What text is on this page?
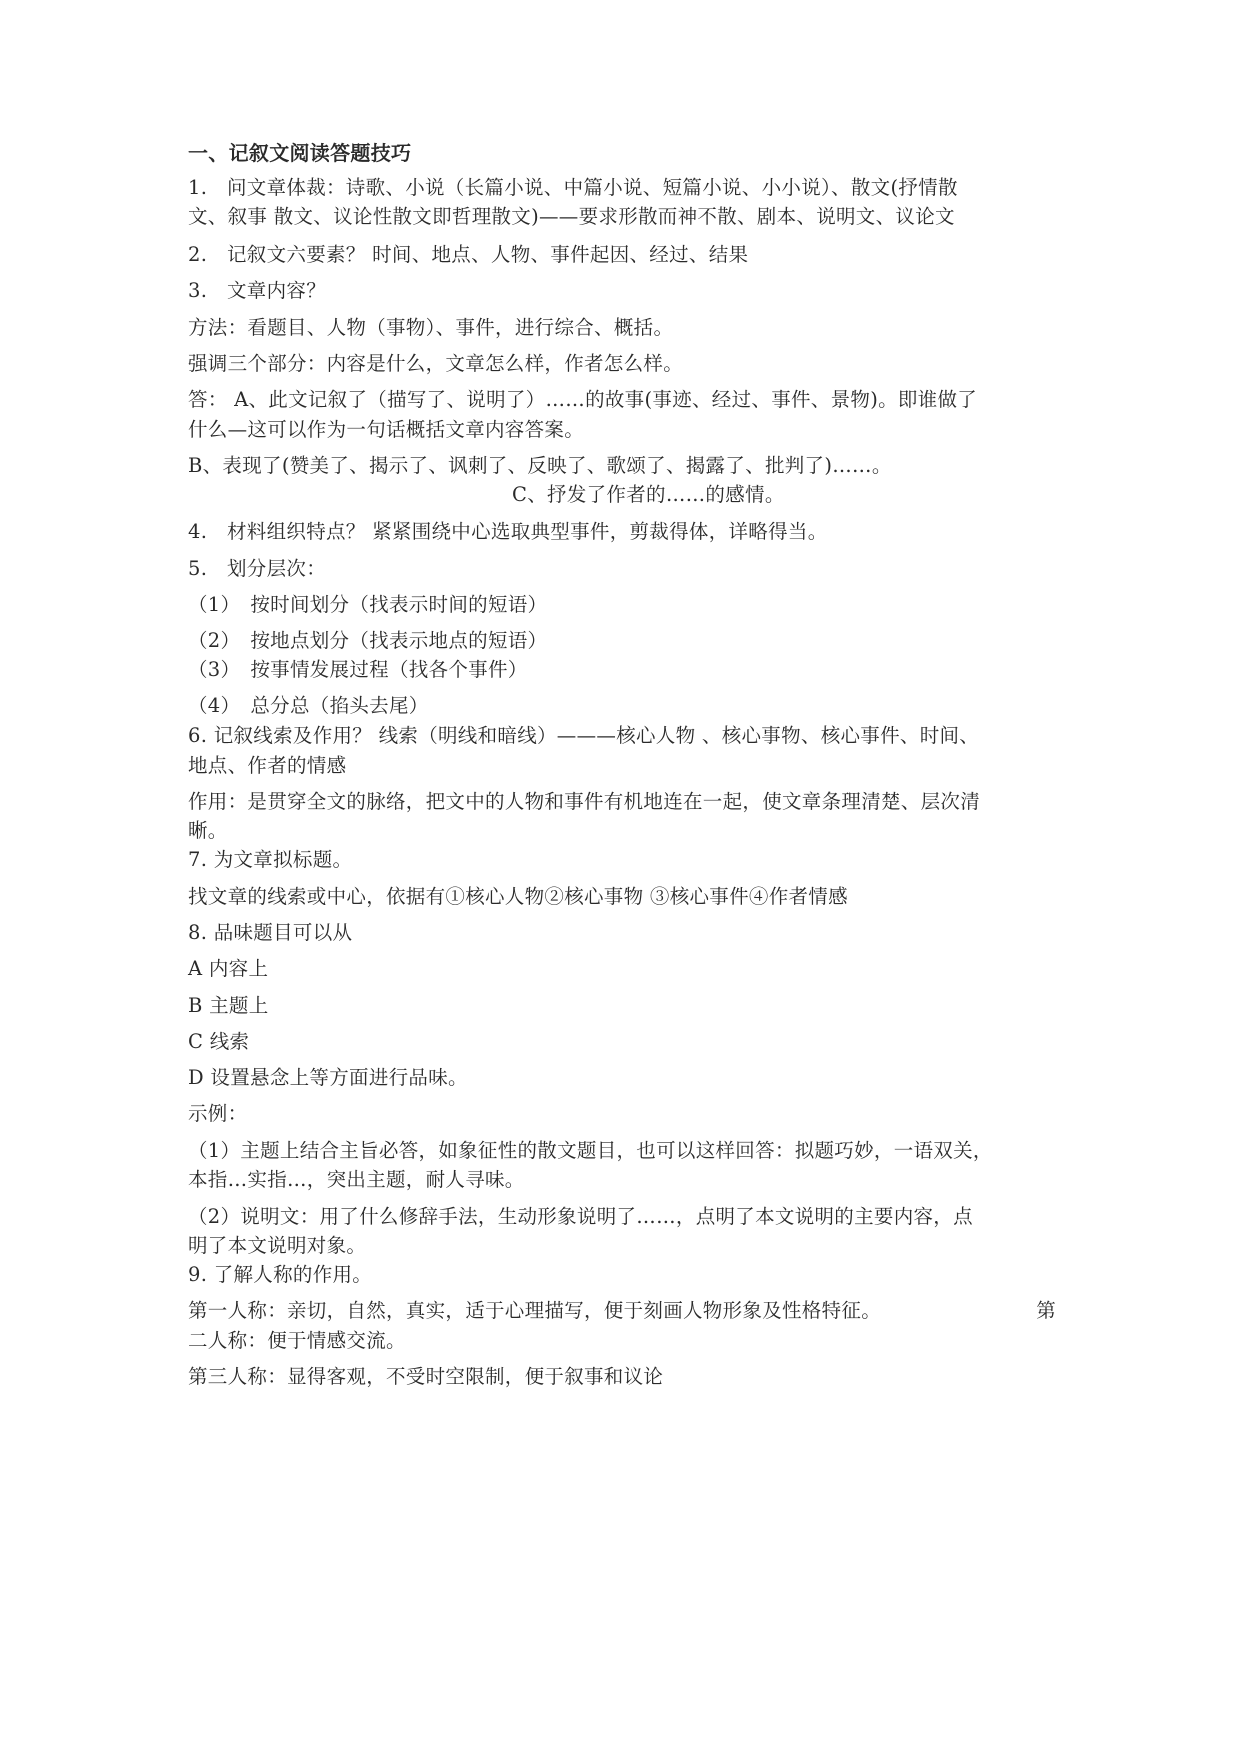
一、记叙文阅读答题技巧
1.　问文章体裁：诗歌、小说（长篇小说、中篇小说、短篇小说、小小说）、散文(抒情散
文、叙事 散文、议论性散文即哲理散文)——要求形散而神不散、剧本、说明文、议论文
2.　记叙文六要素？ 时间、地点、人物、事件起因、经过、结果
3.　文章内容？
方法：看题目、人物（事物）、事件，进行综合、概括。
强调三个部分：内容是什么，文章怎么样，作者怎么样。
答： A、此文记叙了（描写了、说明了）……的故事(事迹、经过、事件、景物)。即谁做了
什么—这可以作为一句话概括文章内容答案。
B、表现了(赞美了、揭示了、讽刺了、反映了、歌颂了、揭露了、批判了)……。
C、抒发了作者的……的感情。
4.　材料组织特点？ 紧紧围绕中心选取典型事件，剪裁得体，详略得当。
5.　划分层次：
（1）　按时间划分（找表示时间的短语）
（2）　按地点划分（找表示地点的短语）
（3）　按事情发展过程（找各个事件）
（4）　总分总（掐头去尾）
6. 记叙线索及作用？ 线索（明线和暗线）———核心人物 、核心事物、核心事件、时间、
地点、作者的情感
作用：是贯穿全文的脉络，把文中的人物和事件有机地连在一起，使文章条理清楚、层次清
晰。
7. 为文章拟标题。
找文章的线索或中心，依据有①核心人物②核心事物 ③核心事件④作者情感
8. 品味题目可以从
A 内容上
B 主题上
C 线索
D 设置悬念上等方面进行品味。
示例：
（1）主题上结合主旨必答，如象征性的散文题目，也可以这样回答：拟题巧妙，一语双关，
本指…实指…，突出主题，耐人寻味。
（2）说明文：用了什么修辞手法，生动形象说明了……，点明了本文说明的主要内容，点
明了本文说明对象。
9. 了解人称的作用。
第一人称：亲切，自然，真实，适于心理描写，便于刻画人物形象及性格特征。	第
二人称：便于情感交流。
第三人称：显得客观，不受时空限制，便于叙事和议论
